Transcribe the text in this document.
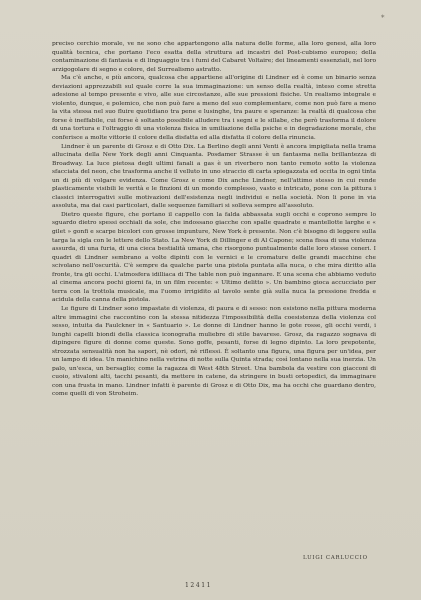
*

preciso cerchio morale, ve ne sono che appartengono alla natura delle forme, alla loro genesi, alla loro qualità tecnica, che portano l'eco esatta della struttura ad incastri del Post-cubismo europeo; della contaminazione di fantasia e di linguaggio tra i fumi del Cabaret Voltaire; dei lineamenti essenziali, nel loro arzigogolare di segno e colore, del Surrealismo astratto.

Ma c'è anche, e più ancora, qualcosa che appartiene all'origine di Lindner ed è come un binario senza deviazioni apprezzabili sul quale corre la sua immaginazione: un senso della realtà, inteso come stretta adesione al tempo presente e vivo, alle sue circostanze, alle sue pressioni fisiche. Un realismo integrale e violento, dunque, e polemico, che non può fare a meno del suo complementare, come non può fare a meno la vita stessa nel suo fluire quotidiano tra pene e lusinghe, tra paure e speranze: la realtà di qualcosa che forse è ineffabile, cui forse è soltanto possibile alludere tra i segni e le sillabe, che però trasforma il dolore di una tortura e l'oltraggio di una violenza fisica in umiliazione della psiche e in degradazione morale, che conferisce a molte vittorie il colore della disfatta ed alla disfatta il colore della rinuncia.

Lindner è un parente di Grosz e di Otto Dix. La Berlino degli anni Venti è ancora impigliata nella trama allucinata della New York degli anni Cinquanta. Posdamer Strasse è un fantasma nella brillantezza di Broadway. La luce pietosa degli ultimi fanali a gas è un riverbero non tanto remoto sotto la violenza sfacciata del neon, che trasforma anche il velluto in uno straccio di carta spiegazzata ed occita in ogni tinta un di più di volgare evidenza. Come Grosz e come Dix anche Lindner, nell'attimo stesso in cui rende plasticamente visibili le verità e le finzioni di un mondo complesso, vasto e intricato, pone con la pittura i classici interrogativi sulle motivazioni dell'esistenza negli individui e nella società. Non li pone in via assoluta, ma dai casi particolari, dalle sequenze familiari si solleva sempre all'assoluto.

Dietro queste figure, che portano il cappello con la falda abbassata sugli occhi e coprono sempre lo sguardo dietro spessi occhiali da sole, che indossano giacche con spalle quadrate e mantellotte larghe e « gilet » gonfi e scarpe bicolori con grosse impunture, New York è presente. Non c'è bisogno di leggere sulla targa la sigla con le lettere dello Stato. La New York di Dillinger e di Al Capone; scena fissa di una violenza assurda, di una furia, di una cieca bestialità umana, che risorgono puntualmente dalle loro stesse ceneri. I quadri di Lindner sembrano a volte dipinti con le vernici e le cromature delle grandi macchine che scivolano nell'oscurità. C'è sempre da qualche parte una pistola puntata alla nuca, o che mira diritto alla fronte, tra gli occhi. L'atmosfera idilliaca di The table non può ingannare. E una scena che abbiamo veduto al cinema ancora pochi giorni fa, in un film recente: « Ultimo delitto ». Un bambino gioca accucciato per terra con la trottola musicale, ma l'uomo irrigidito al tavolo sente già sulla nuca la pressione fredda e acidula della canna della pistola.

Le figure di Lindner sono impastate di violenza, di paura e di sesso: non esistono nella pittura moderna altre immagini che raccontino con la stessa nitidezza l'impossibilità della coesistenza della violenza col sesso, intuita da Faulckner in « Santuario ». Le donne di Lindner hanno le gote rosse, gli occhi verdi, i lunghi capelli biondi della classica iconografia muliebre di stile bavarese. Grosz, da ragazzo sognava di dipingere figure di donne come queste. Sono goffe, pesanti, forse di legno dipinto. La loro prepotente, strozzata sensualità non ha sapori, nè odori, nè riflessi. È soltanto una figura, una figura per un'idea, per un lampo di idea. Un manichino nella vetrina di notte sulla Quinta strada; così lontano nella sua inerzia. Un palo, un'esca, un bersaglio; come la ragazza di West 48th Street. Una bambola da vestire con giacconi di cuoio, stivaloni alti, tacchi pesanti, da mettere in catene, da stringere in busti ortopedici, da immaginare con una frusta in mano. Lindner infatti è parente di Grosz e di Otto Dix, ma ha occhi che guardano dentro, come quelli di von Stroheim.

LUIGI CARLUCCIO
12411
